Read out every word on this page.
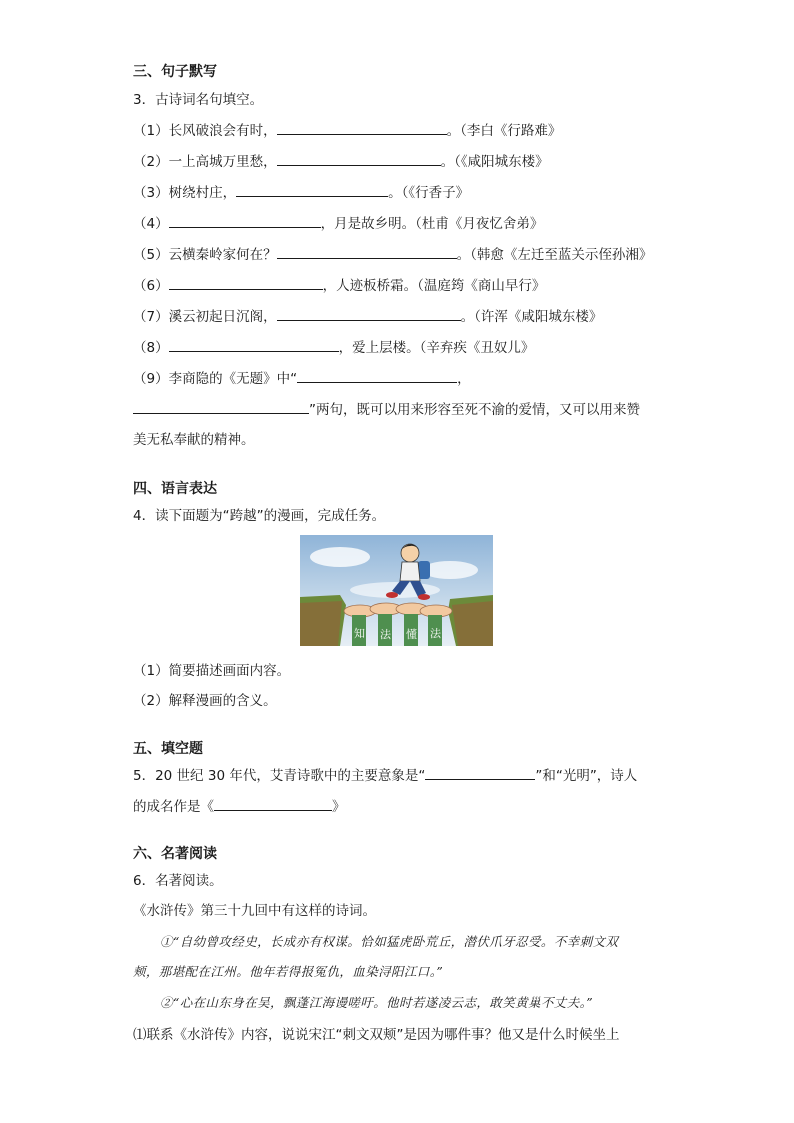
三、句子默写
3．古诗词名句填空。
（1）长风破浪会有时，	。（李白《行路难》
（2）一上高城万里愁，	。（《咸阳城东楼》
（3）树绕村庄，	。（《行香子》
（4）	，月是故乡明。（杜甫《月夜忆舍弟》
（5）云横秦岭家何在？	。（韩愈《左迁至蓝关示侄孙湘》
（6）	，人迹板桥霜。（温庭筠《商山早行》
（7）溪云初起日沉阁，	。（许浑《咸阳城东楼》
（8）	，爱上层楼。（辛弃疾《丑奴儿》
（9）李商隐的《无题》中“	，
”两句，既可以用来形容至死不渝的爱情，又可以用来赞
美无私奉献的精神。
四、语言表达
4．读下面题为“跨越”的漫画，完成任务。
知 法 懂 法
（1）简要描述画面内容。
（2）解释漫画的含义。
五、填空题
5．20 世纪 30 年代，艾青诗歌中的主要意象是“	”和“光明”，诗人
的成名作是《	》
六、名著阅读
6．名著阅读。
《水浒传》第三十九回中有这样的诗词。
①“自幼曾攻经史，长成亦有权谋。恰如猛虎卧荒丘，潜伏爪牙忍受。不幸刺文双
颊，那堪配在江州。他年若得报冤仇，血染浔阳江口。”
②“心在山东身在吴，飘蓬江海谩嗟吁。他时若遂凌云志，敢笑黄巢不丈夫。”
⑴联系《水浒传》内容，说说宋江“刺文双颊”是因为哪件事？他又是什么时候坐上
